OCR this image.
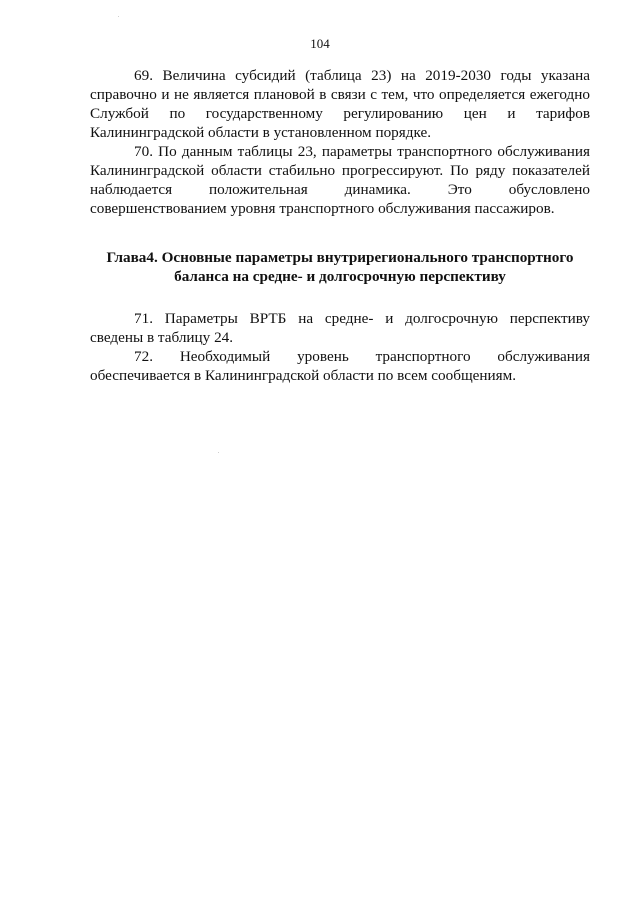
104

69. Величина субсидий (таблица 23) на 2019-2030 годы указана справочно и не является плановой в связи с тем, что определяется ежегодно Службой по государственному регулированию цен и тарифов Калининградской области в установленном порядке.

70. По данным таблицы 23, параметры транспортного обслуживания Калининградской области стабильно прогрессируют. По ряду показателей наблюдается положительная динамика. Это обусловлено совершенствованием уровня транспортного обслуживания пассажиров.

Глава4. Основные параметры внутрирегионального транспортного баланса на средне- и долгосрочную перспективу

71. Параметры ВРТБ на средне- и долгосрочную перспективу сведены в таблицу 24.

72. Необходимый уровень транспортного обслуживания обеспечивается в Калининградской области по всем сообщениям.
